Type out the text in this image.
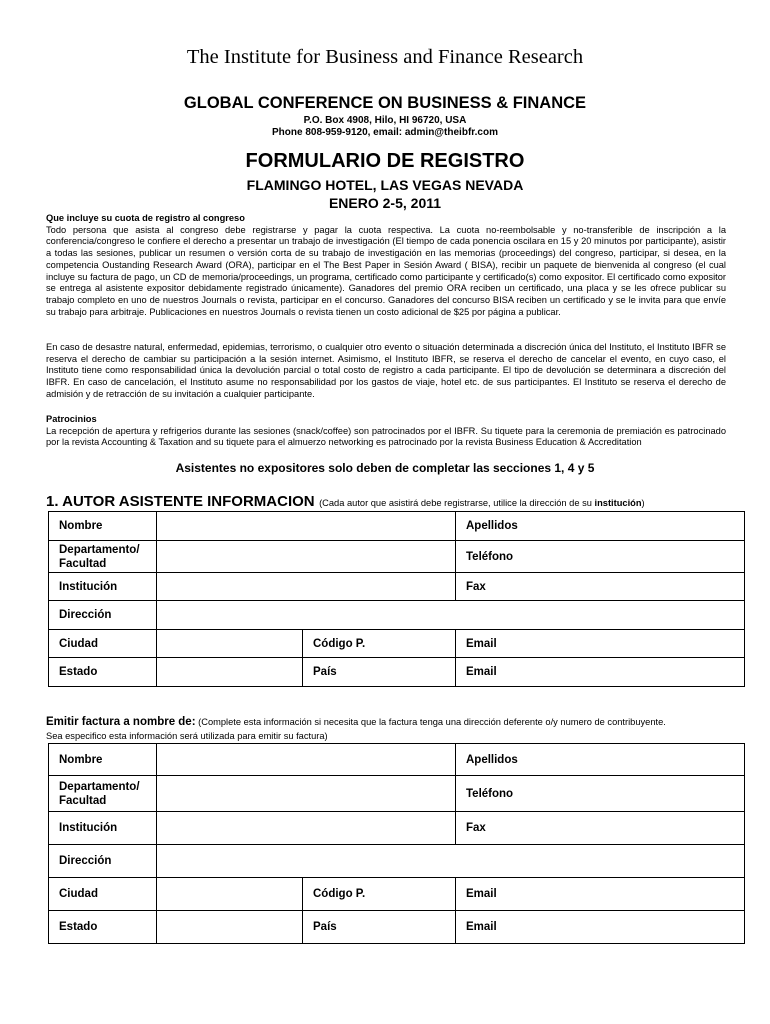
The Institute for Business and Finance Research
GLOBAL CONFERENCE ON BUSINESS & FINANCE
P.O. Box 4908, Hilo, HI 96720, USA
Phone 808-959-9120, email: admin@theibfr.com
FORMULARIO DE REGISTRO
FLAMINGO HOTEL, LAS VEGAS NEVADA
ENERO 2-5, 2011
Que incluye su cuota de registro al congreso
Todo persona que asista al congreso debe registrarse y pagar la cuota respectiva. La cuota no-reembolsable y no-transferible de inscripción a la conferencia/congreso le confiere el derecho a presentar un trabajo de investigación (El tiempo de cada ponencia oscilara en 15 y 20 minutos por participante), asistir a todas las sesiones, publicar un resumen o versión corta de su trabajo de investigación en las memorias (proceedings) del congreso, participar, si desea, en la competencia Oustanding Research Award (ORA), participar en el The Best Paper in Sesión Award ( BISA), recibir un paquete de bienvenida al congreso (el cual incluye su factura de pago, un CD de memoria/proceedings, un programa, certificado como participante y certificado(s) como expositor. El certificado como expositor se entrega al asistente expositor debidamente registrado únicamente). Ganadores del premio ORA reciben un certificado, una placa y se les ofrece publicar su trabajo completo en uno de nuestros Journals o revista, participar en el concurso. Ganadores del concurso BISA reciben un certificado y se le invita para que envíe su trabajo para arbitraje. Publicaciones en nuestros Journals o revista tienen un costo adicional de $25 por página a publicar.
En caso de desastre natural, enfermedad, epidemias, terrorismo, o cualquier otro evento o situación determinada a discreción única del Instituto, el Instituto IBFR se reserva el derecho de cambiar su participación a la sesión internet. Asimismo, el Instituto IBFR, se reserva el derecho de cancelar el evento, en cuyo caso, el Instituto tiene como responsabilidad única la devolución parcial o total costo de registro a cada participante. El tipo de devolución se determinara a discreción del IBFR. En caso de cancelación, el Instituto asume no responsabilidad por los gastos de viaje, hotel etc. de sus participantes. El Instituto se reserva el derecho de admisión y de retracción de su invitación a cualquier participante.
Patrocinios
La recepción de apertura y refrigerios durante las sesiones (snack/coffee) son patrocinados por el IBFR. Su tiquete para la ceremonia de premiación es patrocinado por la revista Accounting & Taxation and su tiquete para el almuerzo networking es patrocinado por la revista Business Education & Accreditation
Asistentes no expositores solo deben de completar las secciones 1, 4 y 5
1. AUTOR ASISTENTE INFORMACION (Cada autor que asistirá debe registrarse, utilice la dirección de su institución)
Nombre			Apellidos
Departamento/
Facultad			Teléfono
Institución			Fax
Dirección			
Ciudad		Código P.	Email
Estado		País	Email
Emitir factura a nombre de: (Complete esta información si necesita que la factura tenga una dirección deferente o/y numero de contribuyente.
Sea especifico esta información será utilizada para emitir su factura)
Nombre			Apellidos
Departamento/
Facultad			Teléfono
Institución			Fax
Dirección			
Ciudad		Código P.	Email
Estado		País	Email
